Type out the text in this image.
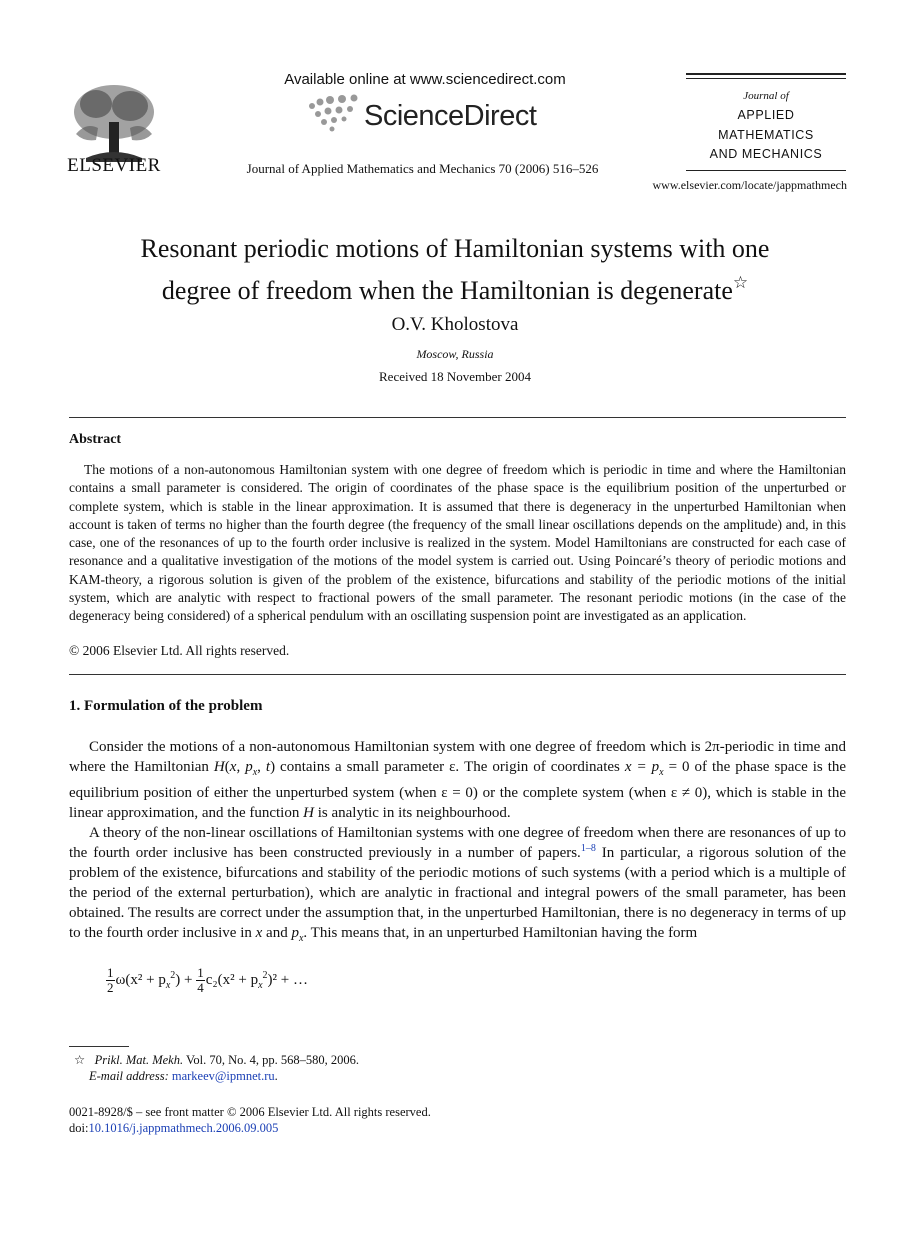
ELSEVIER
Available online at www.sciencedirect.com
ScienceDirect
Journal of Applied Mathematics and Mechanics 70 (2006) 516–526
Journal of
APPLIED
MATHEMATICS
AND MECHANICS
www.elsevier.com/locate/jappmathmech
Resonant periodic motions of Hamiltonian systems with one
degree of freedom when the Hamiltonian is degenerate☆
O.V. Kholostova
Moscow, Russia
Received 18 November 2004
Abstract

The motions of a non-autonomous Hamiltonian system with one degree of freedom which is periodic in time and where the Hamiltonian contains a small parameter is considered. The origin of coordinates of the phase space is the equilibrium position of the unperturbed or complete system, which is stable in the linear approximation. It is assumed that there is degeneracy in the unperturbed Hamiltonian when account is taken of terms no higher than the fourth degree (the frequency of the small linear oscillations depends on the amplitude) and, in this case, one of the resonances of up to the fourth order inclusive is realized in the system. Model Hamiltonians are constructed for each case of resonance and a qualitative investigation of the motions of the model system is carried out. Using Poincaré’s theory of periodic motions and KAM-theory, a rigorous solution is given of the problem of the existence, bifurcations and stability of the periodic motions of the initial system, which are analytic with respect to fractional powers of the small parameter. The resonant periodic motions (in the case of the degeneracy being considered) of a spherical pendulum with an oscillating suspension point are investigated as an application.

© 2006 Elsevier Ltd. All rights reserved.
1. Formulation of the problem

Consider the motions of a non-autonomous Hamiltonian system with one degree of freedom which is 2π-periodic in time and where the Hamiltonian H(x, $p_x$, t) contains a small parameter ε. The origin of coordinates $x = p_x = 0$ of the phase space is the equilibrium position of either the unperturbed system (when ε = 0) or the complete system (when ε ≠ 0), which is stable in the linear approximation, and the function H is analytic in its neighbourhood.

A theory of the non-linear oscillations of Hamiltonian systems with one degree of freedom when there are resonances of up to the fourth order inclusive has been constructed previously in a number of papers.$^{1-8}$ In particular, a rigorous solution of the problem of the existence, bifurcations and stability of the periodic motions of such systems (with a period which is a multiple of the period of the external perturbation), which are analytic in fractional and integral powers of the small parameter, has been obtained. The results are correct under the assumption that, in the unperturbed Hamiltonian, there is no degeneracy in terms of up to the fourth order inclusive in x and $p_x$. This means that, in an unperturbed Hamiltonian having the form

$\frac{1}{2} \omega(x^2 + p_x^2) + \frac{1}{4} c_2(x^2 + p_x^2)^2$ + …
☆ Prikl. Mat. Mekh. Vol. 70, No. 4, pp. 568–580, 2006.
E-mail address: markeev@ipmnet.ru.
0021-8928/$ – see front matter © 2006 Elsevier Ltd. All rights reserved.
doi:10.1016/j.jappmathmech.2006.09.005
